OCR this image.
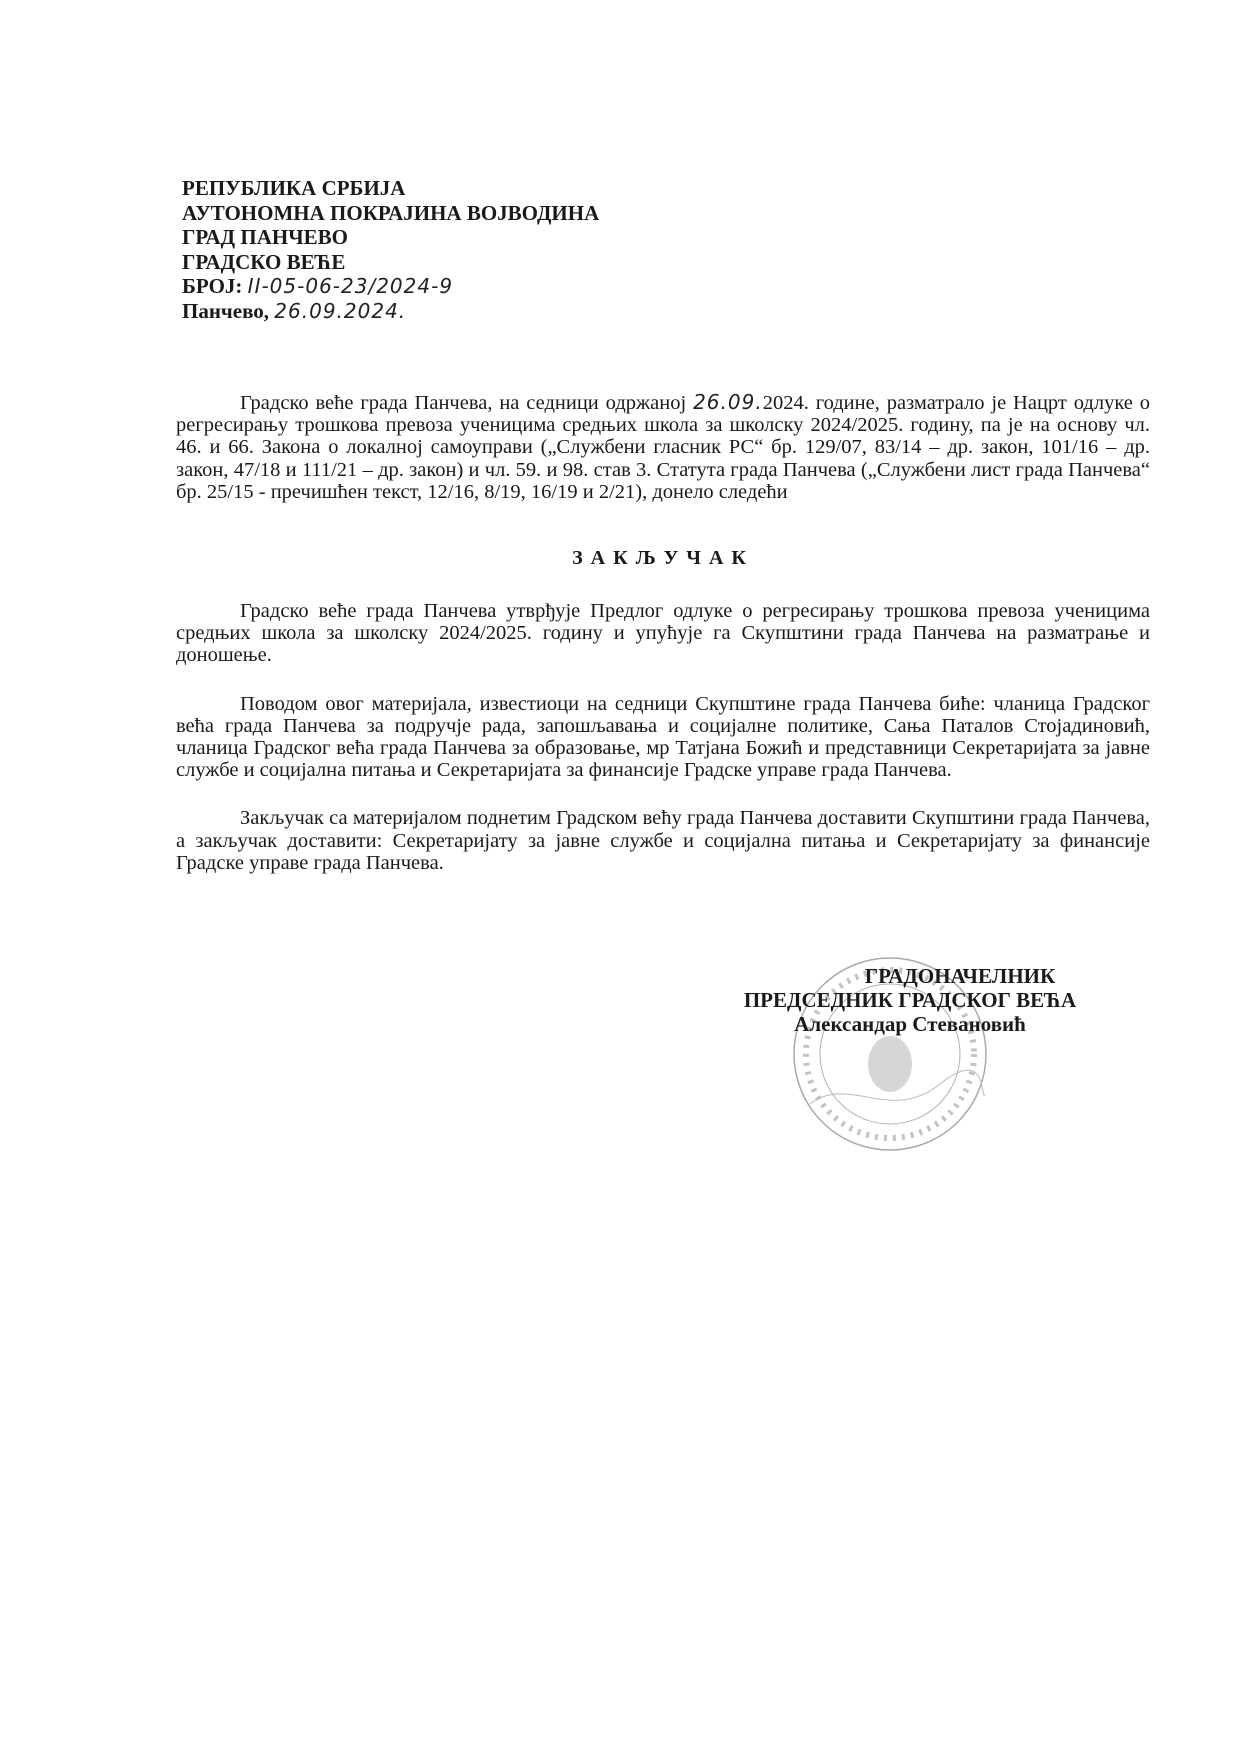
РЕПУБЛИКА СРБИЈА
АУТОНОМНА ПОКРАЈИНА ВОЈВОДИНА
ГРАД ПАНЧЕВО
ГРАДСКО ВЕЋЕ
БРОЈ: II-05-06-23/2024-9
Панчево, 26.09.2024.

Градско веће града Панчева, на седници одржаној 26.09.2024. године, разматрало је Нацрт одлуке о регресирању трошкова превоза ученицима средњих школа за школску 2024/2025. годину, па је на основу чл. 46. и 66. Закона о локалној самоуправи („Службени гласник РС“ бр. 129/07, 83/14 – др. закон, 101/16 – др. закон, 47/18 и 111/21 – др. закон) и чл. 59. и 98. став 3. Статута града Панчева („Службени лист града Панчева“ бр. 25/15 - пречишћен текст, 12/16, 8/19, 16/19 и 2/21), донело следећи

ЗАКЉУЧАК

Градско веће града Панчева утврђује Предлог одлуке о регресирању трошкова превоза ученицима средњих школа за школску 2024/2025. годину и упућује га Скупштини града Панчева на разматрање и доношење.

Поводом овог материјала, известиоци на седници Скупштине града Панчева биће: чланица Градског већа града Панчева за подручје рада, запошљавања и социјалне политике, Сања Паталов Стојадиновић, чланица Градског већа града Панчева за образовање, мр Татјана Божић и представници Секретаријата за јавне службе и социјална питања и Секретаријата за финансије Градске управе града Панчева.

Закључак са материјалом поднетим Градском већу града Панчева доставити Скупштини града Панчева, а закључак доставити: Секретаријату за јавне службе и социјална питања и Секретаријату за финансије Градске управе града Панчева.

ГРАДОНАЧЕЛНИК
ПРЕДСЕДНИК ГРАДСКОГ ВЕЋА
Александар Стевановић
